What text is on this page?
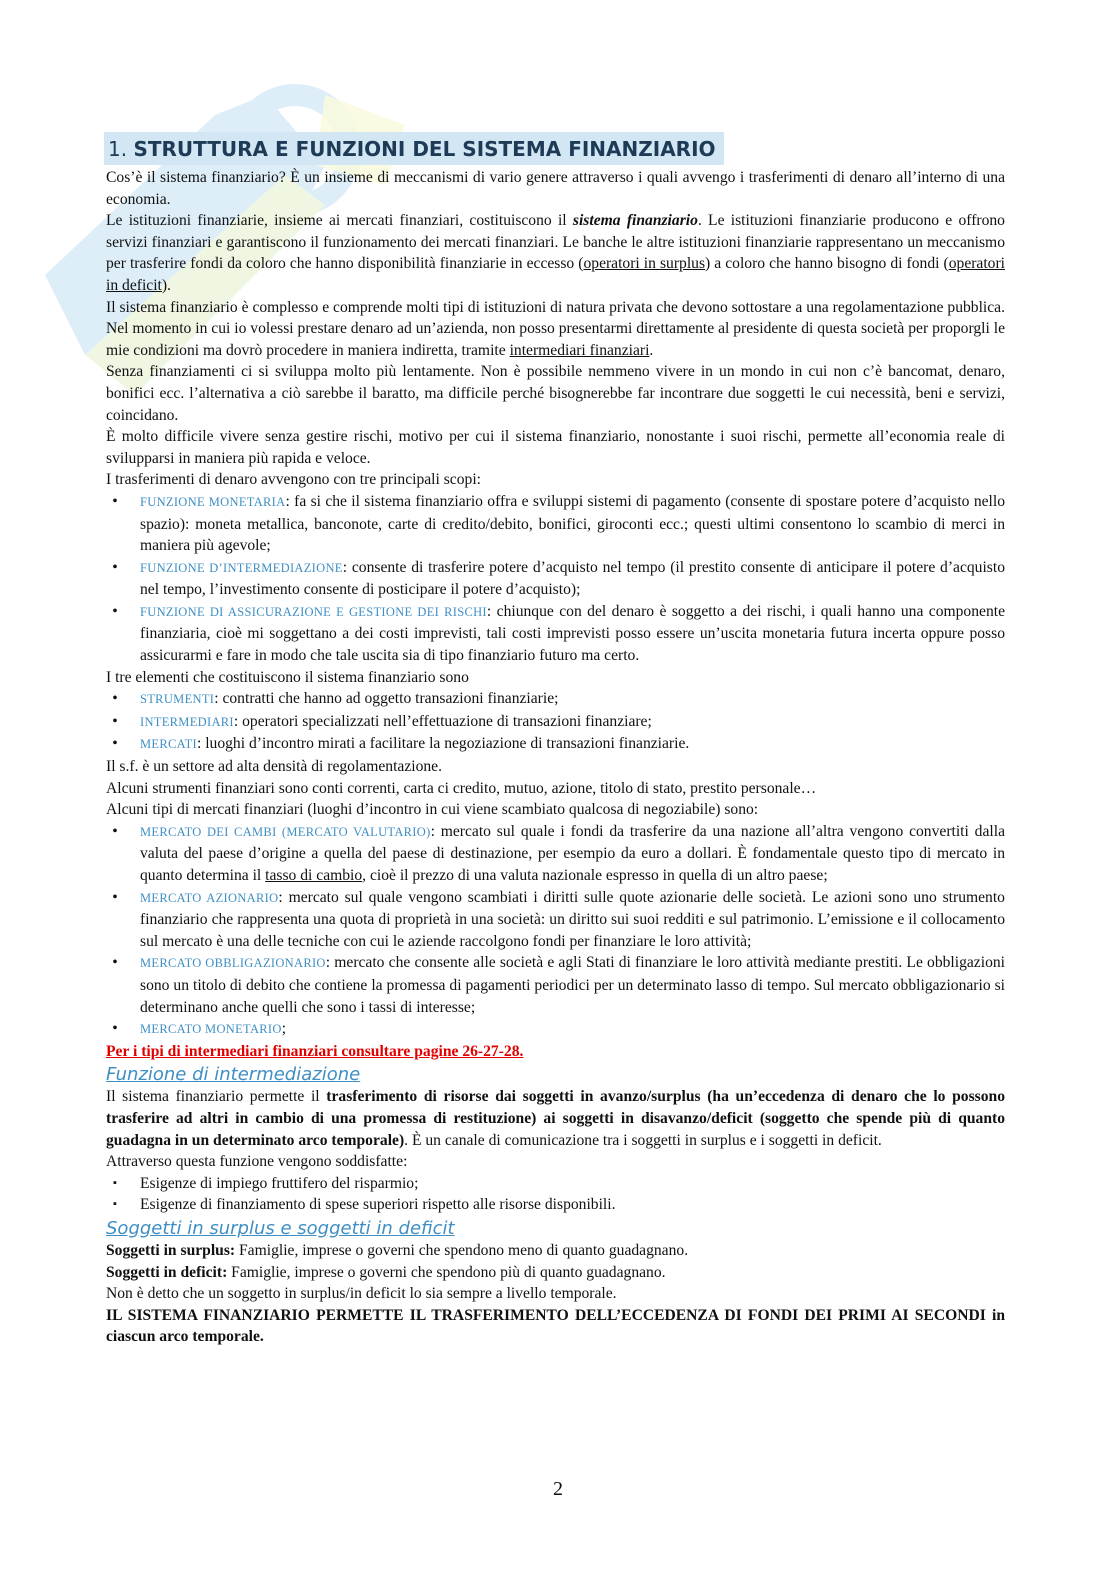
1. STRUTTURA E FUNZIONI DEL SISTEMA FINANZIARIO

Cos’è il sistema finanziario? È un insieme di meccanismi di vario genere attraverso i quali avvengo i trasferimenti di denaro all’interno di una economia.

Le istituzioni finanziarie, insieme ai mercati finanziari, costituiscono il sistema finanziario. Le istituzioni finanziarie producono e offrono servizi finanziari e garantiscono il funzionamento dei mercati finanziari. Le banche le altre istituzioni finanziarie rappresentano un meccanismo per trasferire fondi da coloro che hanno disponibilità finanziarie in eccesso (operatori in surplus) a coloro che hanno bisogno di fondi (operatori in deficit).

Il sistema finanziario è complesso e comprende molti tipi di istituzioni di natura privata che devono sottostare a una regolamentazione pubblica. Nel momento in cui io volessi prestare denaro ad un’azienda, non posso presentarmi direttamente al presidente di questa società per proporgli le mie condizioni ma dovrò procedere in maniera indiretta, tramite intermediari finanziari.

Senza finanziamenti ci si sviluppa molto più lentamente. Non è possibile nemmeno vivere in un mondo in cui non c’è bancomat, denaro, bonifici ecc. l’alternativa a ciò sarebbe il baratto, ma difficile perché bisognerebbe far incontrare due soggetti le cui necessità, beni e servizi, coincidano.

È molto difficile vivere senza gestire rischi, motivo per cui il sistema finanziario, nonostante i suoi rischi, permette all’economia reale di svilupparsi in maniera più rapida e veloce.

I trasferimenti di denaro avvengono con tre principali scopi:

•	FUNZIONE MONETARIA: fa si che il sistema finanziario offra e sviluppi sistemi di pagamento (consente di spostare potere d’acquisto nello spazio): moneta metallica, banconote, carte di credito/debito, bonifici, giroconti ecc.; questi ultimi consentono lo scambio di merci in maniera più agevole;
•	FUNZIONE D’INTERMEDIAZIONE: consente di trasferire potere d’acquisto nel tempo (il prestito consente di anticipare il potere d’acquisto nel tempo, l’investimento consente di posticipare il potere d’acquisto);
•	FUNZIONE DI ASSICURAZIONE E GESTIONE DEI RISCHI: chiunque con del denaro è soggetto a dei rischi, i quali hanno una componente finanziaria, cioè mi soggettano a dei costi imprevisti, tali costi imprevisti posso essere un’uscita monetaria futura incerta oppure posso assicurarmi e fare in modo che tale uscita sia di tipo finanziario futuro ma certo.

I tre elementi che costituiscono il sistema finanziario sono

•	STRUMENTI: contratti che hanno ad oggetto transazioni finanziarie;
•	INTERMEDIARI: operatori specializzati nell’effettuazione di transazioni finanziare;
•	MERCATI: luoghi d’incontro mirati a facilitare la negoziazione di transazioni finanziarie.

Il s.f. è un settore ad alta densità di regolamentazione.

Alcuni strumenti finanziari sono conti correnti, carta ci credito, mutuo, azione, titolo di stato, prestito personale…

Alcuni tipi di mercati finanziari (luoghi d’incontro in cui viene scambiato qualcosa di negoziabile) sono:

•	MERCATO DEI CAMBI (MERCATO VALUTARIO): mercato sul quale i fondi da trasferire da una nazione all’altra vengono convertiti dalla valuta del paese d’origine a quella del paese di destinazione, per esempio da euro a dollari. È fondamentale questo tipo di mercato in quanto determina il tasso di cambio, cioè il prezzo di una valuta nazionale espresso in quella di un altro paese;
•	MERCATO AZIONARIO: mercato sul quale vengono scambiati i diritti sulle quote azionarie delle società. Le azioni sono uno strumento finanziario che rappresenta una quota di proprietà in una società: un diritto sui suoi redditi e sul patrimonio. L’emissione e il collocamento sul mercato è una delle tecniche con cui le aziende raccolgono fondi per finanziare le loro attività;
•	MERCATO OBBLIGAZIONARIO: mercato che consente alle società e agli Stati di finanziare le loro attività mediante prestiti. Le obbligazioni sono un titolo di debito che contiene la promessa di pagamenti periodici per un determinato lasso di tempo. Sul mercato obbligazionario si determinano anche quelli che sono i tassi di interesse;
•	MERCATO MONETARIO;

Per i tipi di intermediari finanziari consultare pagine 26-27-28.

Funzione di intermediazione

Il sistema finanziario permette il trasferimento di risorse dai soggetti in avanzo/surplus (ha un’eccedenza di denaro che lo possono trasferire ad altri in cambio di una promessa di restituzione) ai soggetti in disavanzo/deficit (soggetto che spende più di quanto guadagna in un determinato arco temporale). È un canale di comunicazione tra i soggetti in surplus e i soggetti in deficit.

Attraverso questa funzione vengono soddisfatte:

▪	Esigenze di impiego fruttifero del risparmio;
▪	Esigenze di finanziamento di spese superiori rispetto alle risorse disponibili.
Soggetti in surplus e soggetti in deficit

Soggetti in surplus: Famiglie, imprese o governi che spendono meno di quanto guadagnano.

Soggetti in deficit: Famiglie, imprese o governi che spendono più di quanto guadagnano.

Non è detto che un soggetto in surplus/in deficit lo sia sempre a livello temporale.

IL SISTEMA FINANZIARIO PERMETTE IL TRASFERIMENTO DELL’ECCEDENZA DI FONDI DEI PRIMI AI SECONDI in ciascun arco temporale.

2
